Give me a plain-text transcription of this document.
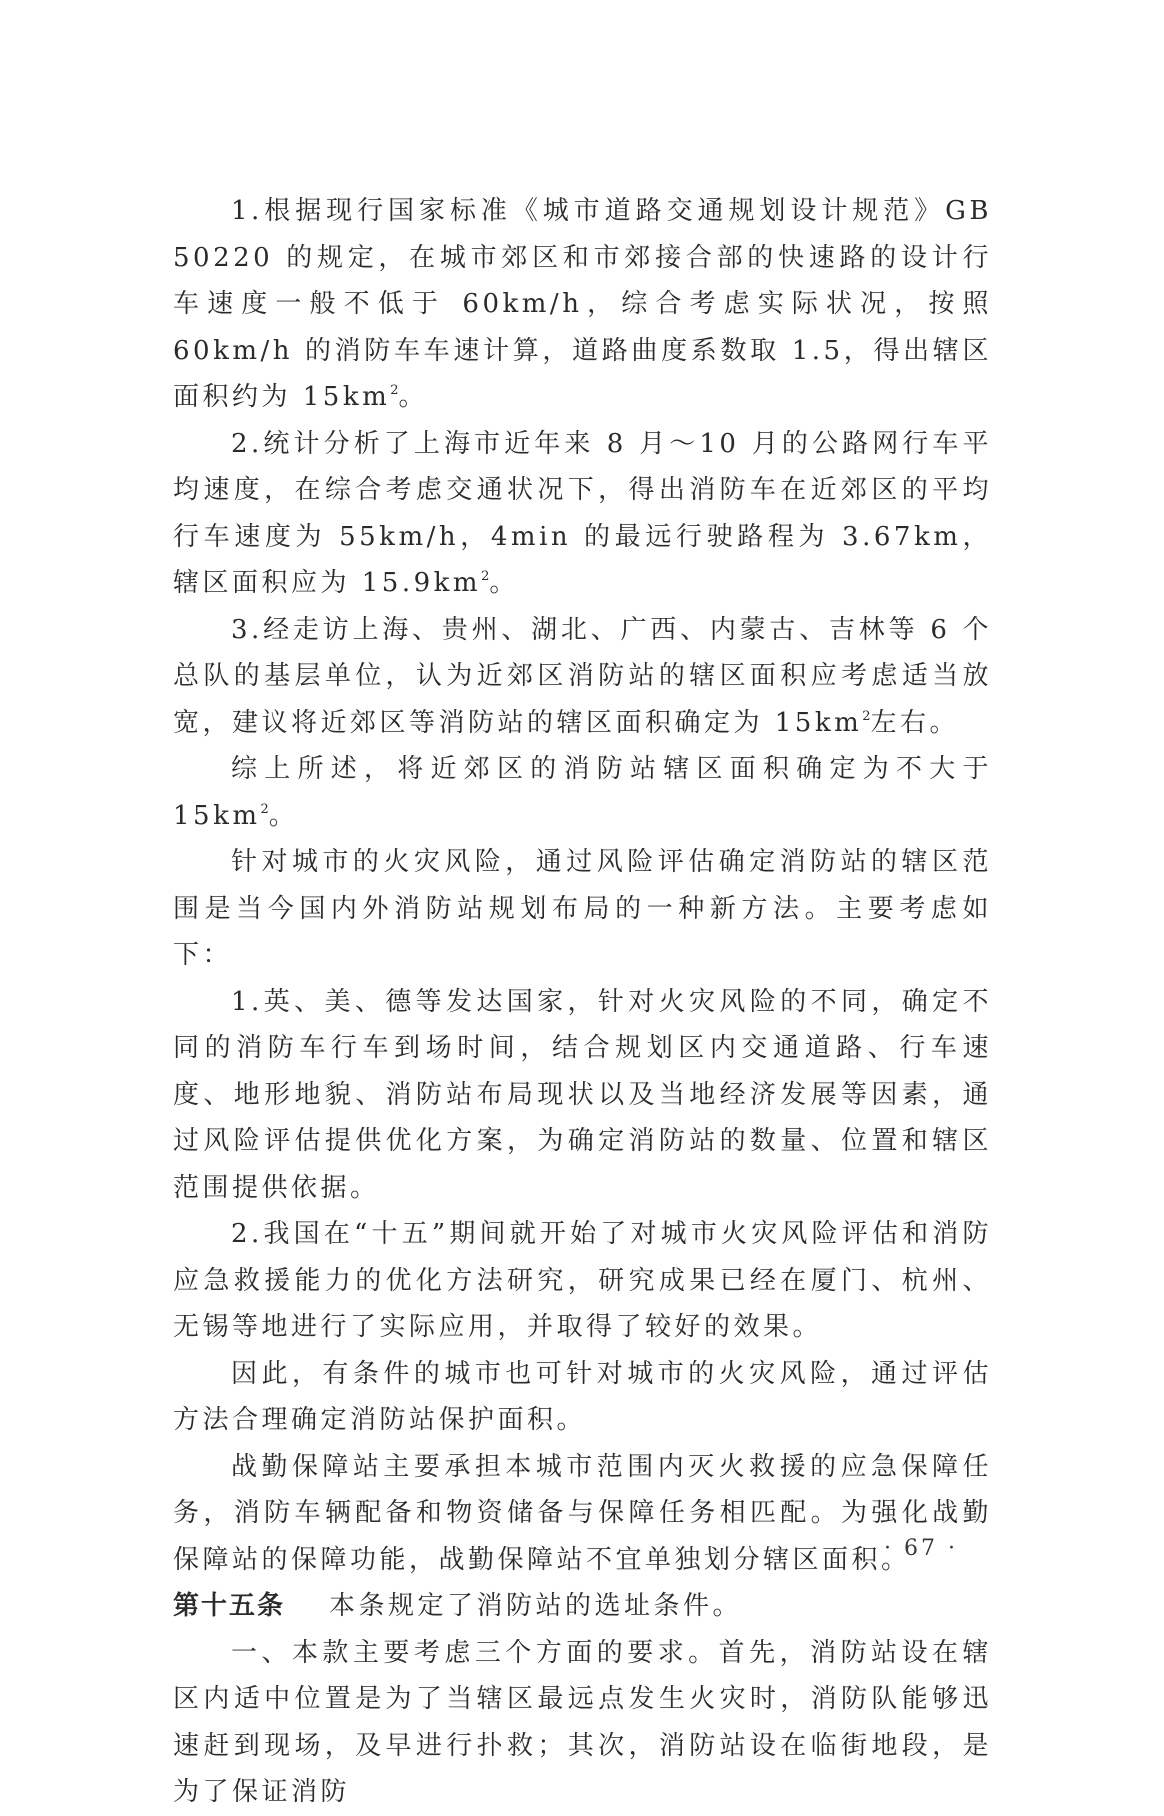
1.根据现行国家标准《城市道路交通规划设计规范》GB 50220 的规定，在城市郊区和市郊接合部的快速路的设计行车速度一般不低于 60km/h，综合考虑实际状况，按照 60km/h 的消防车车速计算，道路曲度系数取 1.5，得出辖区面积约为 $15km^2$。

2.统计分析了上海市近年来 8 月～10 月的公路网行车平均速度，在综合考虑交通状况下，得出消防车在近郊区的平均行车速度为 55km/h，4min 的最远行驶路程为 3.67km，辖区面积应为 $15.9km^2$。

3.经走访上海、贵州、湖北、广西、内蒙古、吉林等 6 个总队的基层单位，认为近郊区消防站的辖区面积应考虑适当放宽，建议将近郊区等消防站的辖区面积确定为 $15km^2$左右。

综上所述，将近郊区的消防站辖区面积确定为不大于 $15km^2$。

针对城市的火灾风险，通过风险评估确定消防站的辖区范围是当今国内外消防站规划布局的一种新方法。主要考虑如下：

1.英、美、德等发达国家，针对火灾风险的不同，确定不同的消防车行车到场时间，结合规划区内交通道路、行车速度、地形地貌、消防站布局现状以及当地经济发展等因素，通过风险评估提供优化方案，为确定消防站的数量、位置和辖区范围提供依据。

2.我国在“十五”期间就开始了对城市火灾风险评估和消防应急救援能力的优化方法研究，研究成果已经在厦门、杭州、无锡等地进行了实际应用，并取得了较好的效果。

因此，有条件的城市也可针对城市的火灾风险，通过评估方法合理确定消防站保护面积。

战勤保障站主要承担本城市范围内灭火救援的应急保障任务，消防车辆配备和物资储备与保障任务相匹配。为强化战勤保障站的保障功能，战勤保障站不宜单独划分辖区面积。

第十五条 本条规定了消防站的选址条件。

一、本款主要考虑三个方面的要求。首先，消防站设在辖区内适中位置是为了当辖区最远点发生火灾时，消防队能够迅速赶到现场，及早进行扑救；其次，消防站设在临街地段，是为了保证消防

· 67 ·
